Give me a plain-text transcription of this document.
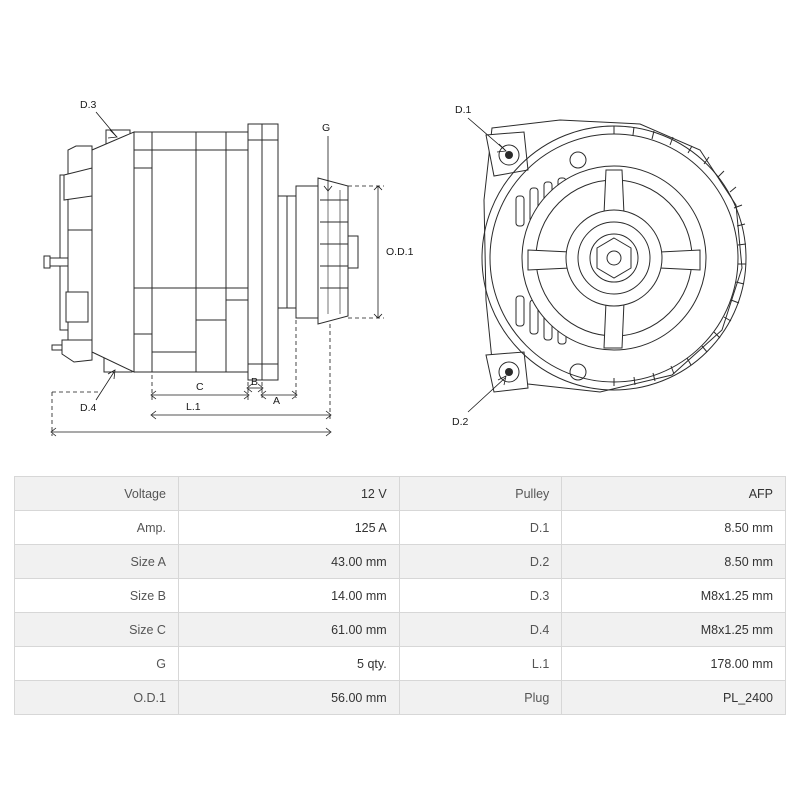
O.D.1
G
D.3
D.4
A
B
C
L.1
D.1
D.2
Voltage	12 V	Pulley	AFP
Amp.	125 A	D.1	8.50 mm
Size A	43.00 mm	D.2	8.50 mm
Size B	14.00 mm	D.3	M8x1.25 mm
Size C	61.00 mm	D.4	M8x1.25 mm
G	5 qty.	L.1	178.00 mm
O.D.1	56.00 mm	Plug	PL_2400
